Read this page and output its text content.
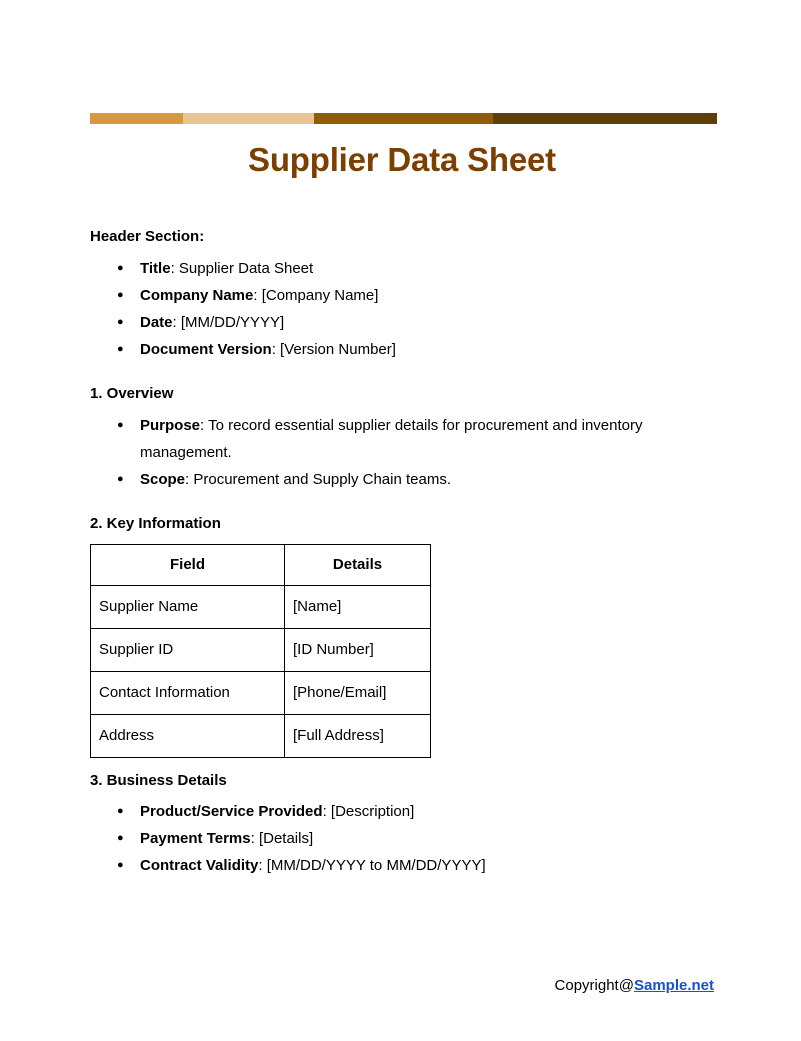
Supplier Data Sheet
Header Section:
● Title: Supplier Data Sheet
● Company Name: [Company Name]
● Date: [MM/DD/YYYY]
● Document Version: [Version Number]
1. Overview
● Purpose: To record essential supplier details for procurement and inventory management.
● Scope: Procurement and Supply Chain teams.
2. Key Information
Field	Details
Supplier Name	[Name]
Supplier ID	[ID Number]
Contact Information	[Phone/Email]
Address	[Full Address]
3. Business Details
● Product/Service Provided: [Description]
● Payment Terms: [Details]
● Contract Validity: [MM/DD/YYYY to MM/DD/YYYY]
Copyright@Sample.net
